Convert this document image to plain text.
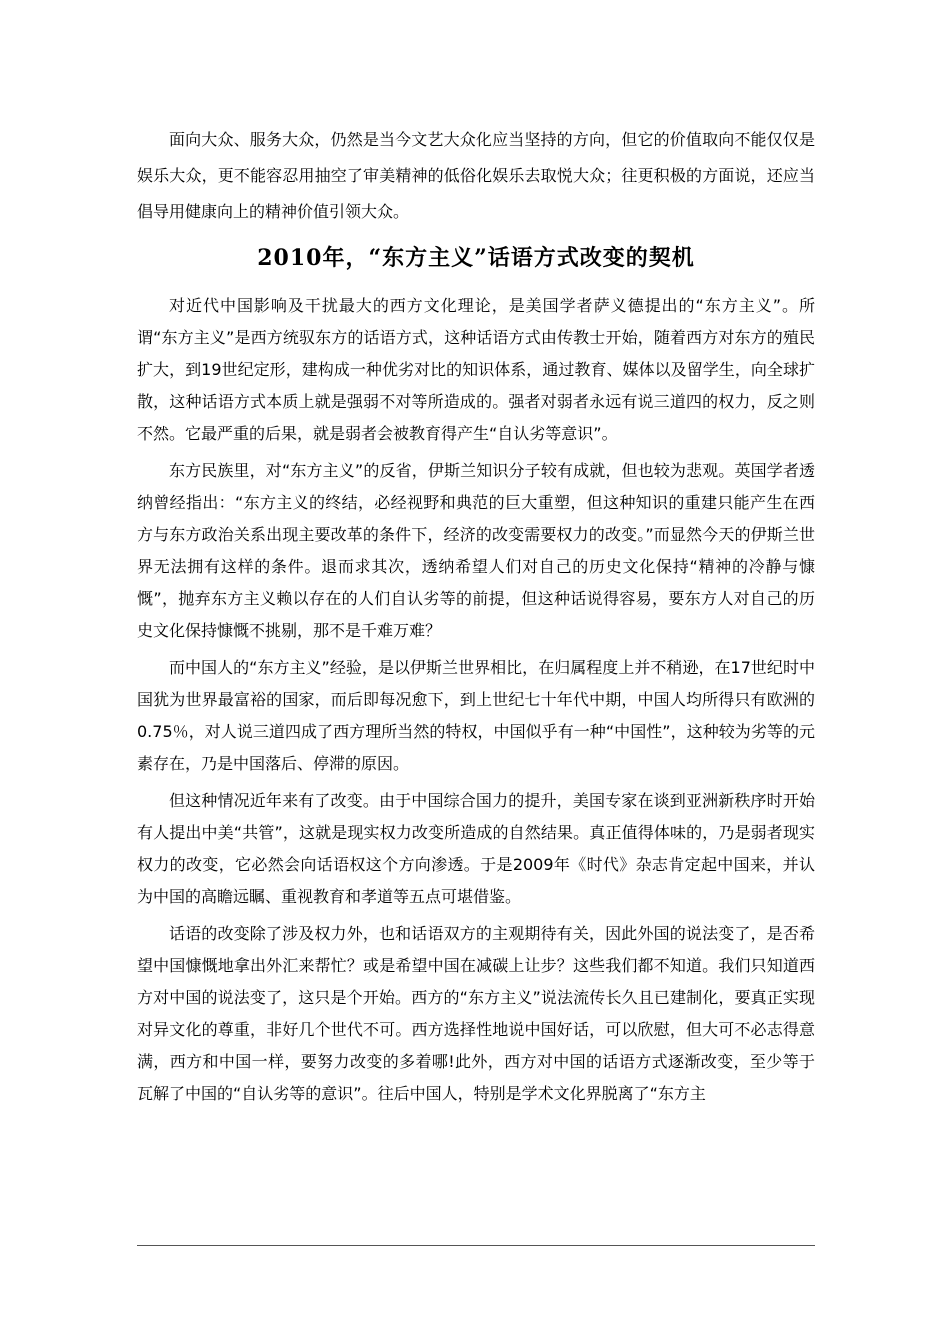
面向大众、服务大众，仍然是当今文艺大众化应当坚持的方向，但它的价值取向不能仅仅是娱乐大众，更不能容忍用抽空了审美精神的低俗化娱乐去取悦大众；往更积极的方面说，还应当倡导用健康向上的精神价值引领大众。

2010年，“东方主义”话语方式改变的契机

对近代中国影响及干扰最大的西方文化理论，是美国学者萨义德提出的“东方主义”。所谓“东方主义”是西方统驭东方的话语方式，这种话语方式由传教士开始，随着西方对东方的殖民扩大，到19世纪定形，建构成一种优劣对比的知识体系，通过教育、媒体以及留学生，向全球扩散，这种话语方式本质上就是强弱不对等所造成的。强者对弱者永远有说三道四的权力，反之则不然。它最严重的后果，就是弱者会被教育得产生“自认劣等意识”。

东方民族里，对“东方主义”的反省，伊斯兰知识分子较有成就，但也较为悲观。英国学者透纳曾经指出：“东方主义的终结，必经视野和典范的巨大重塑，但这种知识的重建只能产生在西方与东方政治关系出现主要改革的条件下，经济的改变需要权力的改变。”而显然今天的伊斯兰世界无法拥有这样的条件。退而求其次，透纳希望人们对自己的历史文化保持“精神的冷静与慷慨”，抛弃东方主义赖以存在的人们自认劣等的前提，但这种话说得容易，要东方人对自己的历史文化保持慷慨不挑剔，那不是千难万难？

而中国人的“东方主义”经验，是以伊斯兰世界相比，在归属程度上并不稍逊，在17世纪时中国犹为世界最富裕的国家，而后即每况愈下，到上世纪七十年代中期，中国人均所得只有欧洲的0.75％，对人说三道四成了西方理所当然的特权，中国似乎有一种“中国性”，这种较为劣等的元素存在，乃是中国落后、停滞的原因。

但这种情况近年来有了改变。由于中国综合国力的提升，美国专家在谈到亚洲新秩序时开始有人提出中美“共管”，这就是现实权力改变所造成的自然结果。真正值得体味的，乃是弱者现实权力的改变，它必然会向话语权这个方向渗透。于是2009年《时代》杂志肯定起中国来，并认为中国的高瞻远瞩、重视教育和孝道等五点可堪借鉴。

话语的改变除了涉及权力外，也和话语双方的主观期待有关，因此外国的说法变了，是否希望中国慷慨地拿出外汇来帮忙？或是希望中国在减碳上让步？这些我们都不知道。我们只知道西方对中国的说法变了，这只是个开始。西方的“东方主义”说法流传长久且已建制化，要真正实现对异文化的尊重，非好几个世代不可。西方选择性地说中国好话，可以欣慰，但大可不必志得意满，西方和中国一样，要努力改变的多着哪!此外，西方对中国的话语方式逐渐改变，至少等于瓦解了中国的“自认劣等的意识”。往后中国人，特别是学术文化界脱离了“东方主
